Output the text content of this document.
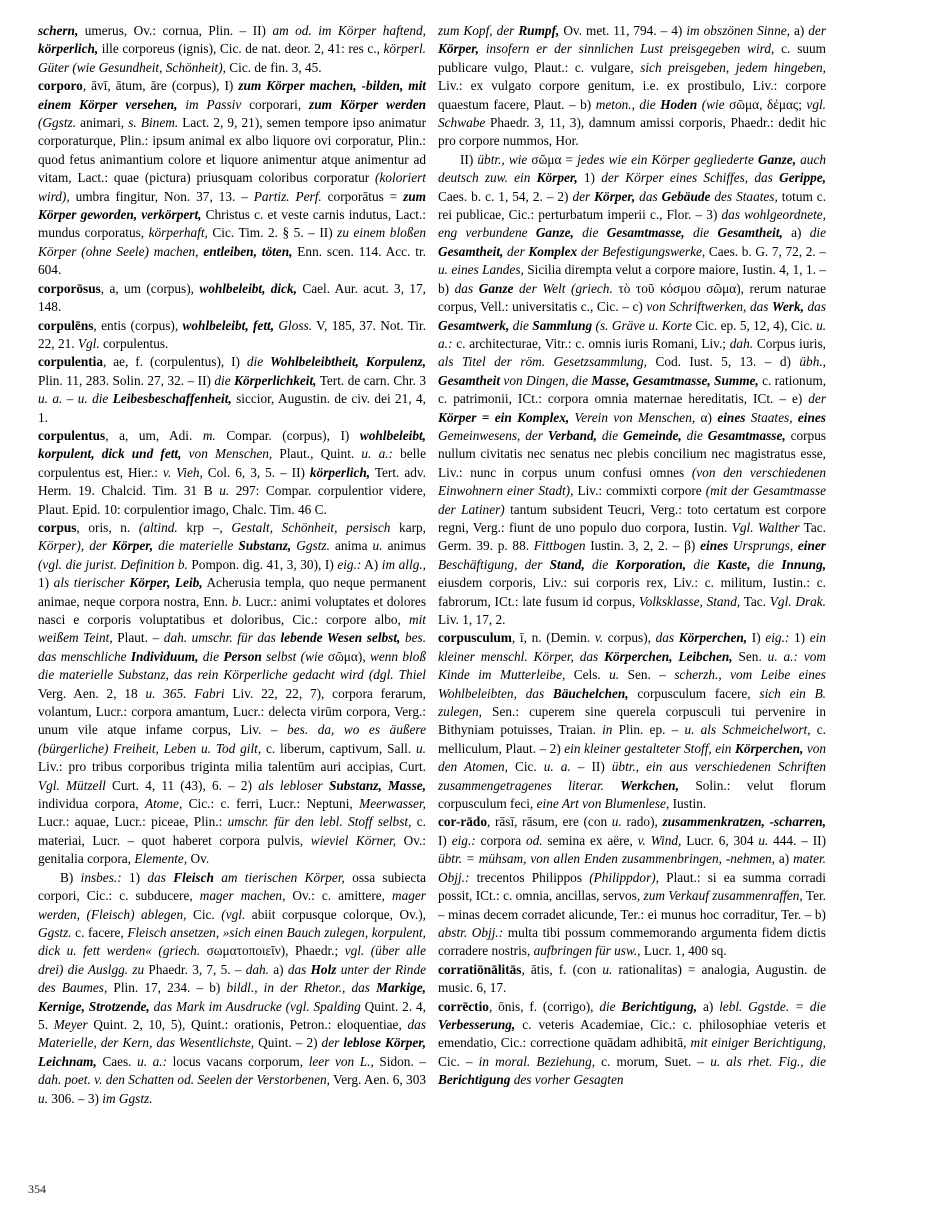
schern, umerus, Ov.: cornua, Plin. – II) am od. im Körper haftend, körperlich, ille corporeus (ignis), Cic. de nat. deor. 2, 41: res c., körperl. Güter (wie Gesundheit, Schönheit), Cic. de fin. 3, 45.

corporo, āvī, ātum, āre (corpus), I) zum Körper machen, -bilden, mit einem Körper versehen, im Passiv corporari, zum Körper werden (Ggstz. animari, s. Binem. Lact. 2, 9, 21), semen tempore ipso animatur corporaturque, Plin.: ipsum animal ex albo liquore ovi corporatur, Plin.: quod fetus animantium colore et liquore animentur atque animentur ad vitam, Lact.: quae (pictura) priusquam coloribus corporatur (koloriert wird), umbra fingitur, Non. 37, 13. – Partiz. Perf. corporātus = zum Körper geworden, verkörpert, Christus c. et veste carnis indutus, Lact.: mundus corporatus, körperhaft, Cic. Tim. 2. § 5. – II) zu einem bloßen Körper (ohne Seele) machen, entleiben, töten, Enn. scen. 114. Acc. tr. 604.

corporōsus, a, um (corpus), wohlbeleibt, dick, Cael. Aur. acut. 3, 17, 148.

corpulēns, entis (corpus), wohlbeleibt, fett, Gloss. V, 185, 37. Not. Tir. 22, 21. Vgl. corpulentus.

corpulentia, ae, f. (corpulentus), I) die Wohlbeleibtheit, Korpulenz, Plin. 11, 283. Solin. 27, 32. – II) die Körperlichkeit, Tert. de carn. Chr. 3 u. a. – u. die Leibesbeschaffenheit, siccior, Augustin. de civ. dei 21, 4, 1.

corpulentus, a, um, Adi. m. Compar. (corpus), I) wohlbeleibt, korpulent, dick und fett, von Menschen, Plaut., Quint. u. a.: belle corpulentus est, Hier.: v. Vieh, Col. 6, 3, 5. – II) körperlich, Tert. adv. Herm. 19. Chalcid. Tim. 31 B u. 297: Compar. corpulentior videre, Plaut. Epid. 10: corpulentior imago, Chalc. Tim. 46 C.

corpus, oris, n. (altind. kṛp –, Gestalt, Schönheit, persisch karp, Körper), der Körper, die materielle Substanz, Ggstz. anima u. animus (vgl. die jurist. Definition b. Pompon. dig. 41, 3, 30), I) eig.: A) im allg., 1) als tierischer Körper, Leib, Acherusia templa, quo neque permanent animae, neque corpora nostra, Enn. b. Lucr.: animi voluptates et dolores nasci e corporis voluptatibus et doloribus, Cic.: corpore albo, mit weißem Teint, Plaut. – dah. umschr. für das lebende Wesen selbst, bes. das menschliche Individuum, die Person selbst (wie σῶμα), wenn bloß die materielle Substanz, das rein Körperliche gedacht wird (dgl. Thiel Verg. Aen. 2, 18 u. 365. Fabri Liv. 22, 22, 7), corpora ferarum, volantum, Lucr.: corpora amantum, Lucr.: delecta virūm corpora, Verg.: unum vile atque infame corpus, Liv. – bes. da, wo es äußere (bürgerliche) Freiheit, Leben u. Tod gilt, c. liberum, captivum, Sall. u. Liv.: pro tribus corporibus triginta milia talentūm auri accipias, Curt. Vgl. Mützell Curt. 4, 11 (43), 6. – 2) als lebloser Substanz, Masse, individua corpora, Atome, Cic.: c. ferri, Lucr.: Neptuni, Meerwasser, Lucr.: aquae, Lucr.: piceae, Plin.: umschr. für den lebl. Stoff selbst, c. materiai, Lucr. – quot haberet corpora pulvis, wieviel Körner, Ov.: genitalia corpora, Elemente, Ov.

B) insbes.: 1) das Fleisch am tierischen Körper, ossa subiecta corpori, Cic.: c. subducere, mager machen, Ov.: c. amittere, mager werden, (Fleisch) ablegen, Cic. (vgl. abiit corpusque colorque, Ov.), Ggstz. c. facere, Fleisch ansetzen, »sich einen Bauch zulegen, korpulent, dick u. fett werden« (griech. σωματοποιεῖν), Phaedr.; vgl. (über alle drei) die Auslgg. zu Phaedr. 3, 7, 5. – dah. a) das Holz unter der Rinde des Baumes, Plin. 17, 234. – b) bildl., in der Rhetor., das Markige, Kernige, Strotzende, das Mark im Ausdrucke (vgl. Spalding Quint. 2. 4, 5. Meyer Quint. 2, 10, 5), Quint.: orationis, Petron.: eloquentiae, das Materielle, der Kern, das Wesentlichste, Quint. – 2) der leblose Körper, Leichnam, Caes. u. a.: locus vacans corporum, leer von L., Sidon. – dah. poet. v. den Schatten od. Seelen der Verstorbenen, Verg. Aen. 6, 303 u. 306. – 3) im Ggstz.

zum Kopf, der Rumpf, Ov. met. 11, 794. – 4) im obszönen Sinne, a) der Körper, insofern er der sinnlichen Lust preisgegeben wird, c. suum publicare vulgo, Plaut.: c. vulgare, sich preisgeben, jedem hingeben, Liv.: ex vulgato corpore genitum, i.e. ex prostibulo, Liv.: corpore quaestum facere, Plaut. – b) meton., die Hoden (wie σῶμα, δέμας; vgl. Schwabe Phaedr. 3, 11, 3), damnum amissi corporis, Phaedr.: dedit hic pro corpore nummos, Hor.

II) übtr., wie σῶμα = jedes wie ein Körper gegliederte Ganze, auch deutsch zuw. ein Körper, 1) der Körper eines Schiffes, das Gerippe, Caes. b. c. 1, 54, 2. – 2) der Körper, das Gebäude des Staates, totum c. rei publicae, Cic.: perturbatum imperii c., Flor. – 3) das wohlgeordnete, eng verbundene Ganze, die Gesamtmasse, die Gesamtheit, a) die Gesamtheit, der Komplex der Befestigungswerke, Caes. b. G. 7, 72, 2. – u. eines Landes, Sicilia dirempta velut a corpore maiore, Iustin. 4, 1, 1. – b) das Ganze der Welt (griech. τὸ τοῦ κόσμου σῶμα), rerum naturae corpus, Vell.: universitatis c., Cic. – c) von Schriftwerken, das Werk, das Gesamtwerk, die Sammlung (s. Gräve u. Korte Cic. ep. 5, 12, 4), Cic. u. a.: c. architecturae, Vitr.: c. omnis iuris Romani, Liv.; dah. Corpus iuris, als Titel der röm. Gesetzsammlung, Cod. Iust. 5, 13. – d) übh., Gesamtheit von Dingen, die Masse, Gesamtmasse, Summe, c. rationum, c. patrimonii, ICt.: corpora omnia maternae hereditatis, ICt. – e) der Körper = ein Komplex, Verein von Menschen, α) eines Staates, eines Gemeinwesens, der Verband, die Gemeinde, die Gesamtmasse, corpus nullum civitatis nec senatus nec plebis concilium nec magistratus esse, Liv.: nunc in corpus unum confusi omnes (von den verschiedenen Einwohnern einer Stadt), Liv.: commixti corpore (mit der Gesamtmasse der Latiner) tantum subsident Teucri, Verg.: toto certatum est corpore regni, Verg.: fiunt de uno populo duo corpora, Iustin. Vgl. Walther Tac. Germ. 39. p. 88. Fittbogen Iustin. 3, 2, 2. – β) eines Ursprungs, einer Beschäftigung, der Stand, die Korporation, die Kaste, die Innung, eiusdem corporis, Liv.: sui corporis rex, Liv.: c. militum, Iustin.: c. fabrorum, ICt.: late fusum id corpus, Volksklasse, Stand, Tac. Vgl. Drak. Liv. 1, 17, 2.

corpusculum, ī, n. (Demin. v. corpus), das Körperchen, I) eig.: 1) ein kleiner menschl. Körper, das Körperchen, Leibchen, Sen. u. a.: vom Kinde im Mutterleibe, Cels. u. Sen. – scherzh., vom Leibe eines Wohlbeleibten, das Bäuchelchen, corpusculum facere, sich ein B. zulegen, Sen.: cuperem sine querela corpusculi tui pervenire in Bithyniam potuisses, Traian. in Plin. ep. – u. als Schmeichelwort, c. melliculum, Plaut. – 2) ein kleiner gestalteter Stoff, ein Körperchen, von den Atomen, Cic. u. a. – II) übtr., ein aus verschiedenen Schriften zusammengetragenes literar. Werkchen, Solin.: velut florum corpusculum feci, eine Art von Blumenlese, Iustin.

cor-rādo, rāsī, rāsum, ere (con u. rado), zusammenkratzen, -scharren, I) eig.: corpora od. semina ex aëre, v. Wind, Lucr. 6, 304 u. 444. – II) übtr. = mühsam, von allen Enden zusammenbringen, -nehmen, a) mater. Objj.: trecentos Philippos (Philippdor), Plaut.: si ea summa corradi possit, ICt.: c. omnia, ancillas, servos, zum Verkauf zusammenraffen, Ter. – minas decem corradet alicunde, Ter.: ei munus hoc corraditur, Ter. – b) abstr. Objj.: multa tibi possum commemorando argumenta fidem dictis corradere nostris, aufbringen für usw., Lucr. 1, 400 sq.

corratiōnālitās, ātis, f. (con u. rationalitas) = analogia, Augustin. de music. 6, 17.

corrēctio, ōnis, f. (corrigo), die Berichtigung, a) lebl. Ggstde. = die Verbesserung, c. veteris Academiae, Cic.: c. philosophiae veteris et emendatio, Cic.: correctione quādam adhibitā, mit einiger Berichtigung, Cic. – in moral. Beziehung, c. morum, Suet. – u. als rhet. Fig., die Berichtigung des vorher Gesagten

354
